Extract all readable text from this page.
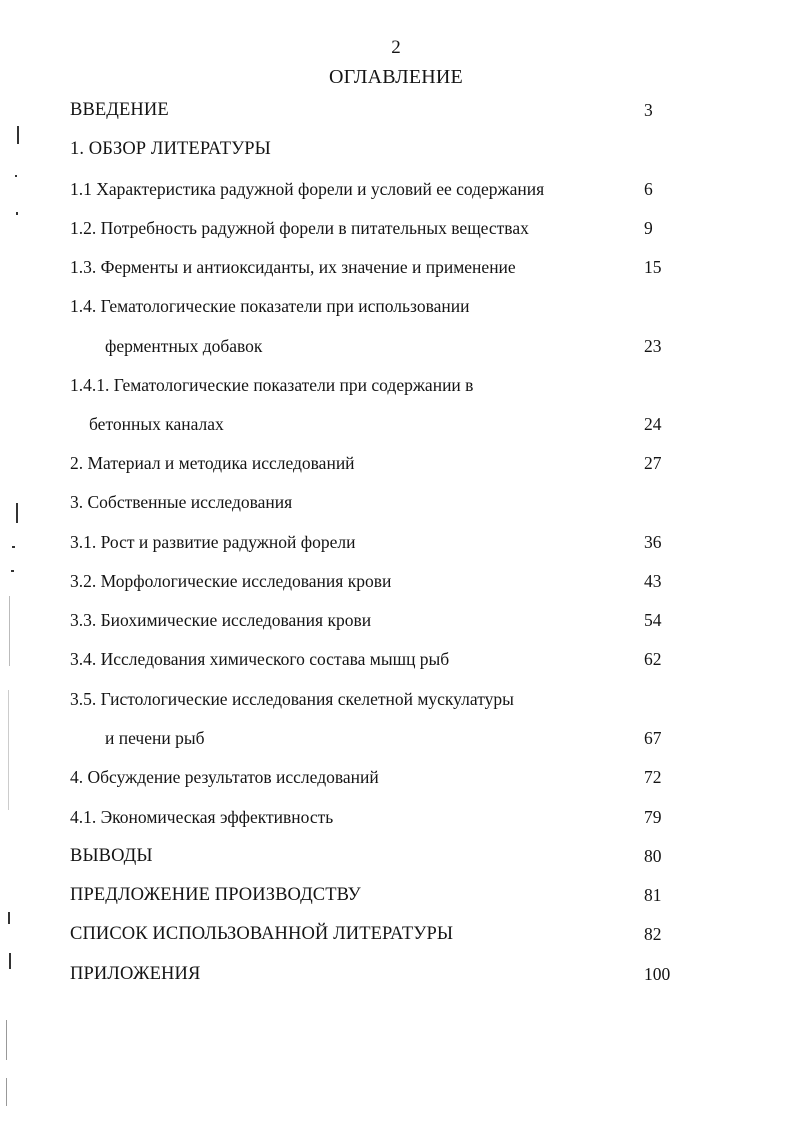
2
ОГЛАВЛЕНИЕ
ВВЕДЕНИЕ	3
1. ОБЗОР ЛИТЕРАТУРЫ
1.1 Характеристика радужной форели и условий ее содержания	6
1.2. Потребность радужной форели в питательных веществах	9
1.3. Ферменты и антиоксиданты, их значение и применение	15
1.4. Гематологические показатели при использовании
ферментных добавок	23
1.4.1. Гематологические показатели при содержании в
бетонных каналах	24
2. Материал и методика исследований	27
3. Собственные исследования
3.1. Рост и развитие радужной форели	36
3.2. Морфологические исследования крови	43
3.3. Биохимические исследования крови	54
3.4. Исследования химического состава мышц рыб	62
3.5. Гистологические исследования скелетной мускулатуры
и печени рыб	67
4. Обсуждение результатов исследований	72
4.1. Экономическая эффективность	79
ВЫВОДЫ	80
ПРЕДЛОЖЕНИЕ ПРОИЗВОДСТВУ	81
СПИСОК ИСПОЛЬЗОВАННОЙ ЛИТЕРАТУРЫ	82
ПРИЛОЖЕНИЯ	100
